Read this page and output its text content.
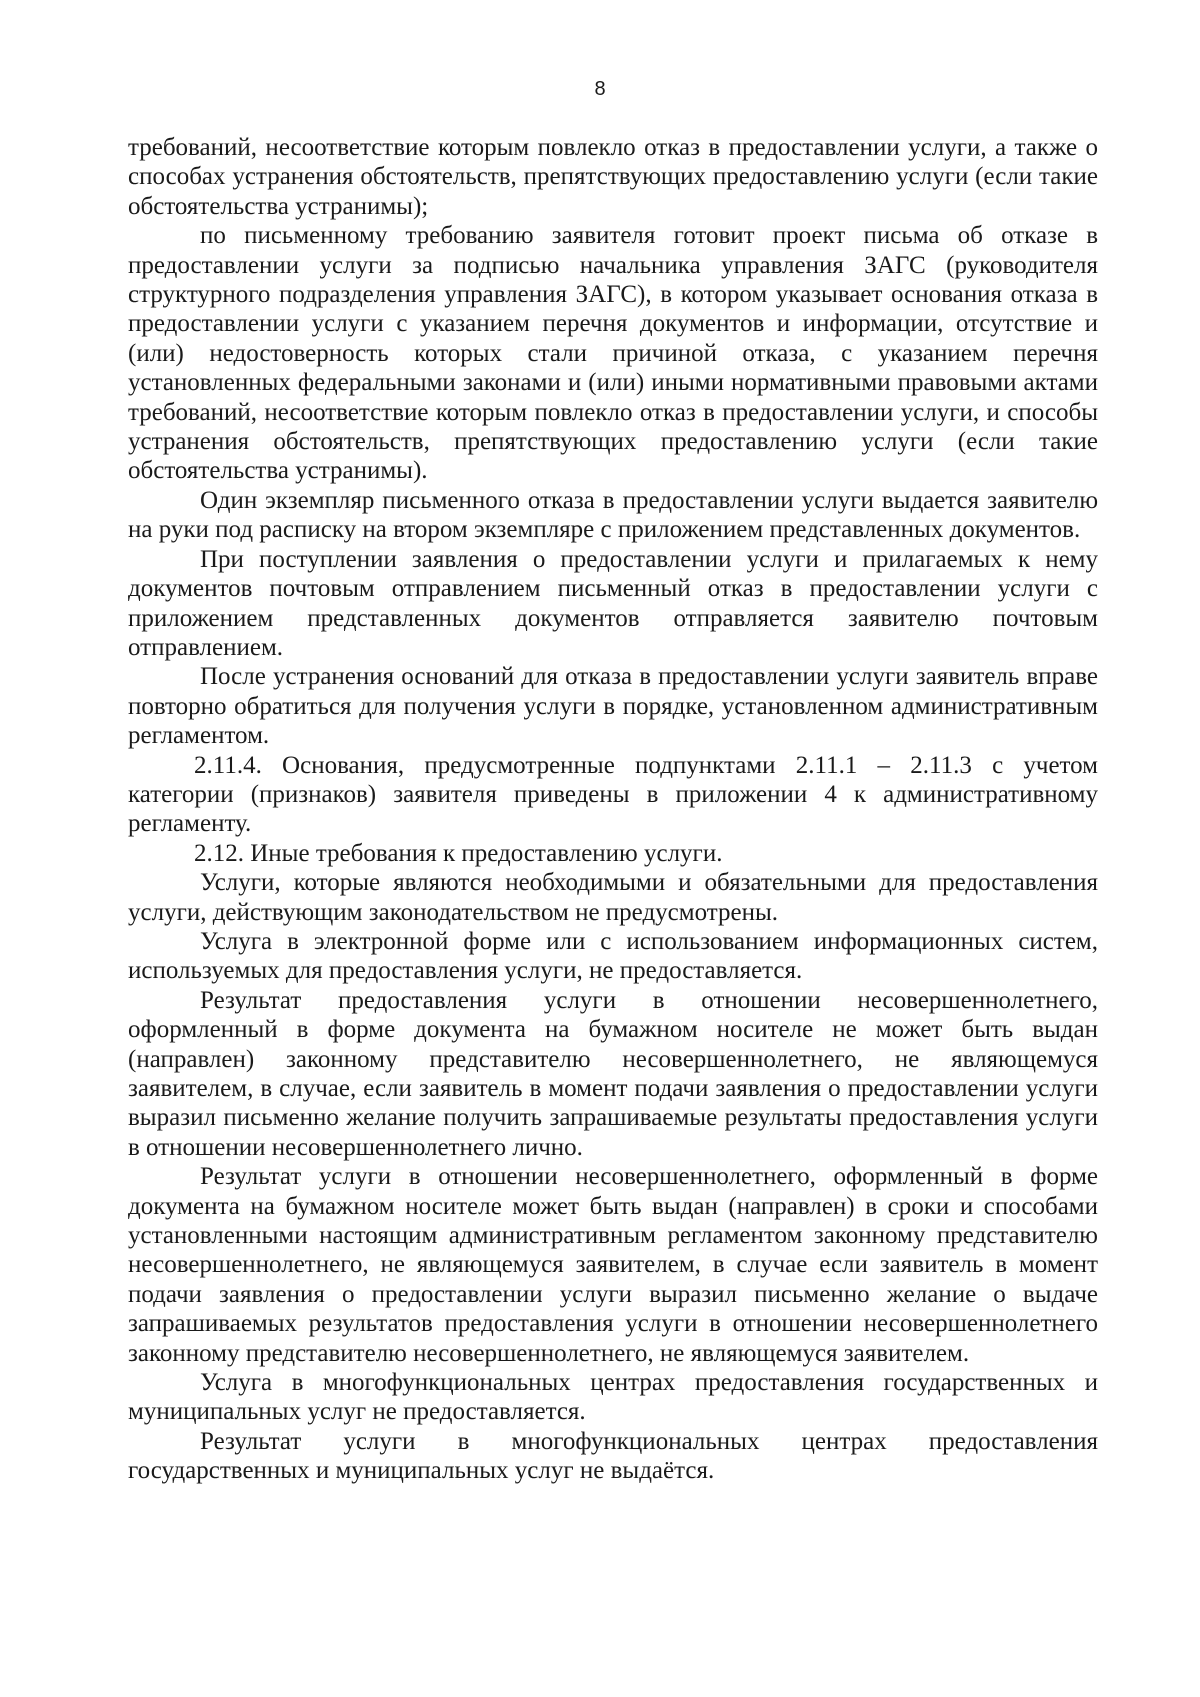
8

требований, несоответствие которым повлекло отказ в предоставлении услуги, а также о способах устранения обстоятельств, препятствующих предоставлению услуги (если такие обстоятельства устранимы);

по письменному требованию заявителя готовит проект письма об отказе в предоставлении услуги за подписью начальника управления ЗАГС (руководителя структурного подразделения управления ЗАГС), в котором указывает основания отказа в предоставлении услуги с указанием перечня документов и информации, отсутствие и (или) недостоверность которых стали причиной отказа, с указанием перечня установленных федеральными законами и (или) иными нормативными правовыми актами требований, несоответствие которым повлекло отказ в предоставлении услуги, и способы устранения обстоятельств, препятствующих предоставлению услуги (если такие обстоятельства устранимы).

Один экземпляр письменного отказа в предоставлении услуги выдается заявителю на руки под расписку на втором экземпляре с приложением представленных документов.

При поступлении заявления о предоставлении услуги и прилагаемых к нему документов почтовым отправлением письменный отказ в предоставлении услуги с приложением представленных документов отправляется заявителю почтовым отправлением.

После устранения оснований для отказа в предоставлении услуги заявитель вправе повторно обратиться для получения услуги в порядке, установленном административным регламентом.

2.11.4. Основания, предусмотренные подпунктами 2.11.1 – 2.11.3 с учетом категории (признаков) заявителя приведены в приложении 4 к административному регламенту.

2.12. Иные требования к предоставлению услуги.

Услуги, которые являются необходимыми и обязательными для предоставления услуги, действующим законодательством не предусмотрены.

Услуга в электронной форме или с использованием информационных систем, используемых для предоставления услуги, не предоставляется.

Результат предоставления услуги в отношении несовершеннолетнего, оформленный в форме документа на бумажном носителе не может быть выдан (направлен) законному представителю несовершеннолетнего, не являющемуся заявителем, в случае, если заявитель в момент подачи заявления о предоставлении услуги выразил письменно желание получить запрашиваемые результаты предоставления услуги в отношении несовершеннолетнего лично.

Результат услуги в отношении несовершеннолетнего, оформленный в форме документа на бумажном носителе может быть выдан (направлен) в сроки и способами установленными настоящим административным регламентом законному представителю несовершеннолетнего, не являющемуся заявителем, в случае если заявитель в момент подачи заявления о предоставлении услуги выразил письменно желание о выдаче запрашиваемых результатов предоставления услуги в отношении несовершеннолетнего законному представителю несовершеннолетнего, не являющемуся заявителем.

Услуга в многофункциональных центрах предоставления государственных и муниципальных услуг не предоставляется.

Результат услуги в многофункциональных центрах предоставления государственных и муниципальных услуг не выдаётся.
